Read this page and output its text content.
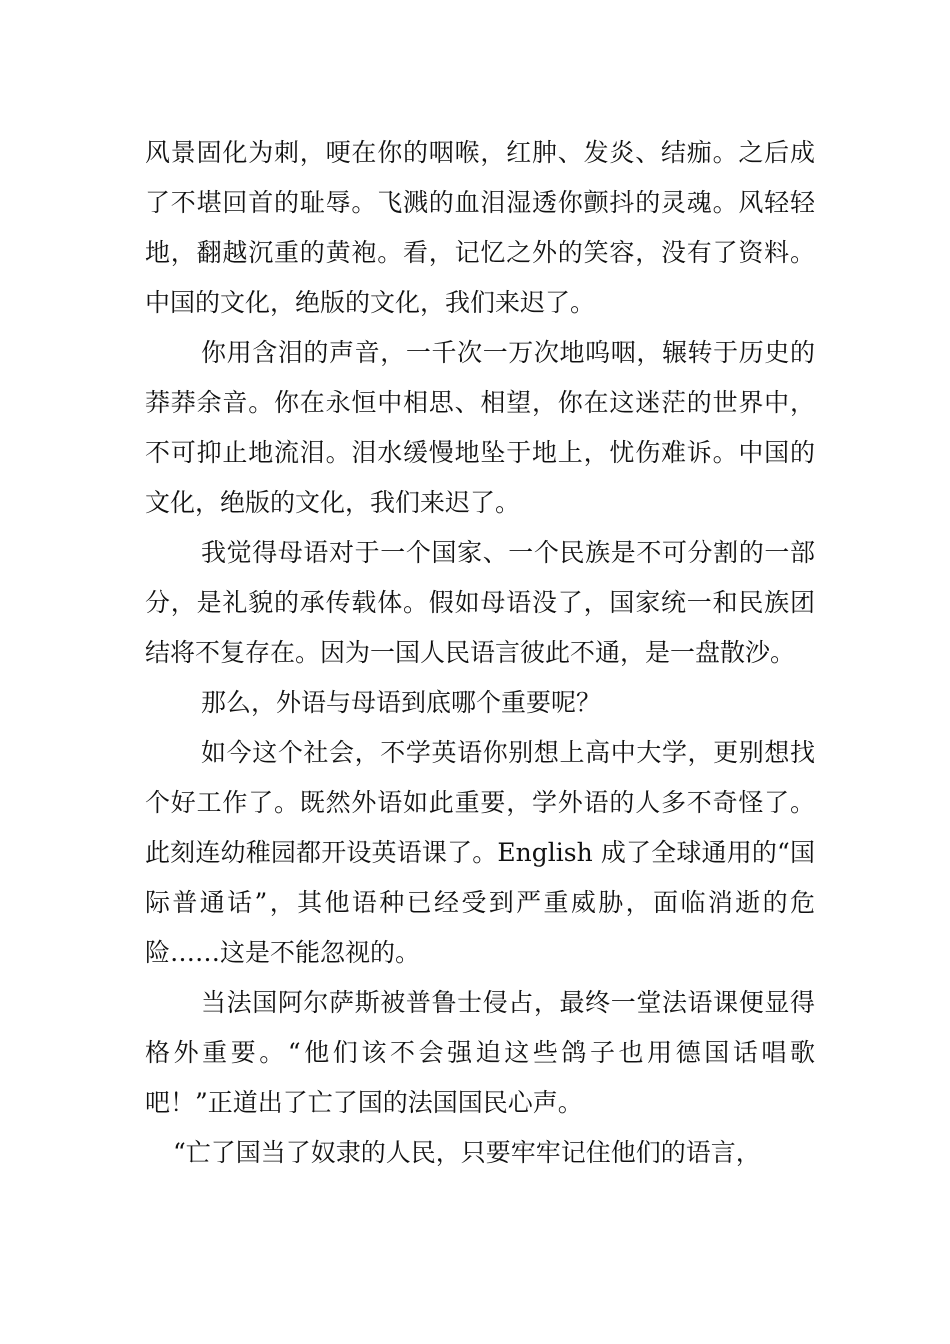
风景固化为刺，哽在你的咽喉，红肿、发炎、结痂。之后成了不堪回首的耻辱。飞溅的血泪湿透你颤抖的灵魂。风轻轻地，翻越沉重的黄袍。看，记忆之外的笑容，没有了资料。中国的文化，绝版的文化，我们来迟了。

你用含泪的声音，一千次一万次地呜咽，辗转于历史的莽莽余音。你在永恒中相思、相望，你在这迷茫的世界中，不可抑止地流泪。泪水缓慢地坠于地上，忧伤难诉。中国的文化，绝版的文化，我们来迟了。

我觉得母语对于一个国家、一个民族是不可分割的一部分，是礼貌的承传载体。假如母语没了，国家统一和民族团结将不复存在。因为一国人民语言彼此不通，是一盘散沙。

那么，外语与母语到底哪个重要呢？

如今这个社会，不学英语你别想上高中大学，更别想找个好工作了。既然外语如此重要，学外语的人多不奇怪了。此刻连幼稚园都开设英语课了。English 成了全球通用的“国际普通话”，其他语种已经受到严重威胁，面临消逝的危险……这是不能忽视的。

当法国阿尔萨斯被普鲁士侵占，最终一堂法语课便显得格外重要。“他们该不会强迫这些鸽子也用德国话唱歌吧！”正道出了亡了国的法国国民心声。

“亡了国当了奴隶的人民，只要牢牢记住他们的语言，
